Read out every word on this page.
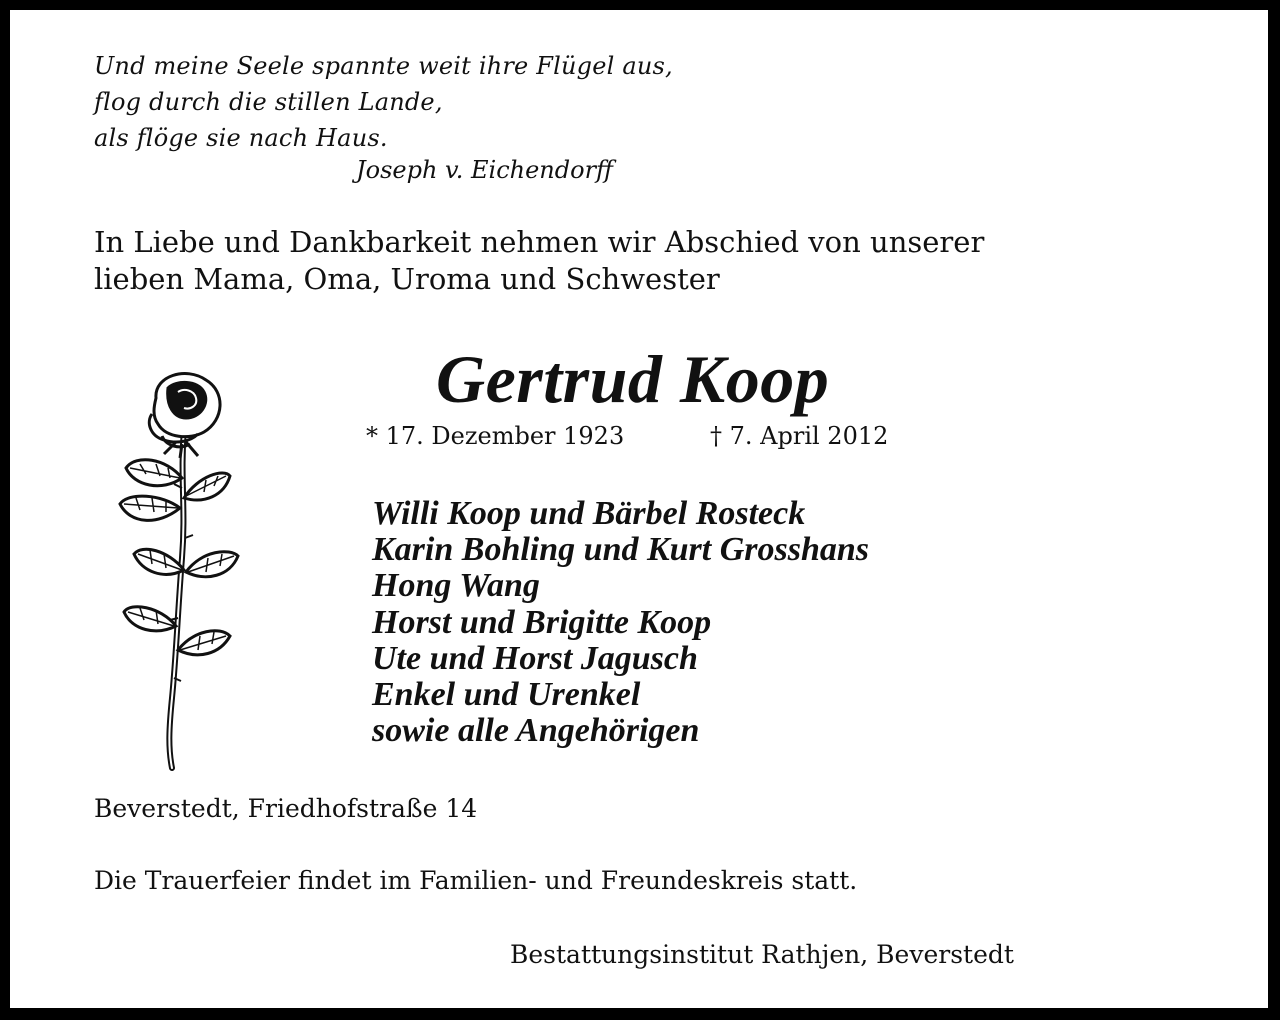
Und meine Seele spannte weit ihre Flügel aus,
flog durch die stillen Lande,
als flöge sie nach Haus.
Joseph v. Eichendorff
In Liebe und Dankbarkeit nehmen wir Abschied von unserer
lieben Mama, Oma, Uroma und Schwester
Gertrud Koop
* 17. Dezember 1923	† 7. April 2012
Willi Koop und Bärbel Rosteck
Karin Bohling und Kurt Grosshans
Hong Wang
Horst und Brigitte Koop
Ute und Horst Jagusch
Enkel und Urenkel
sowie alle Angehörigen
Beverstedt, Friedhofstraße 14
Die Trauerfeier findet im Familien- und Freundeskreis statt.
Bestattungsinstitut Rathjen, Beverstedt
